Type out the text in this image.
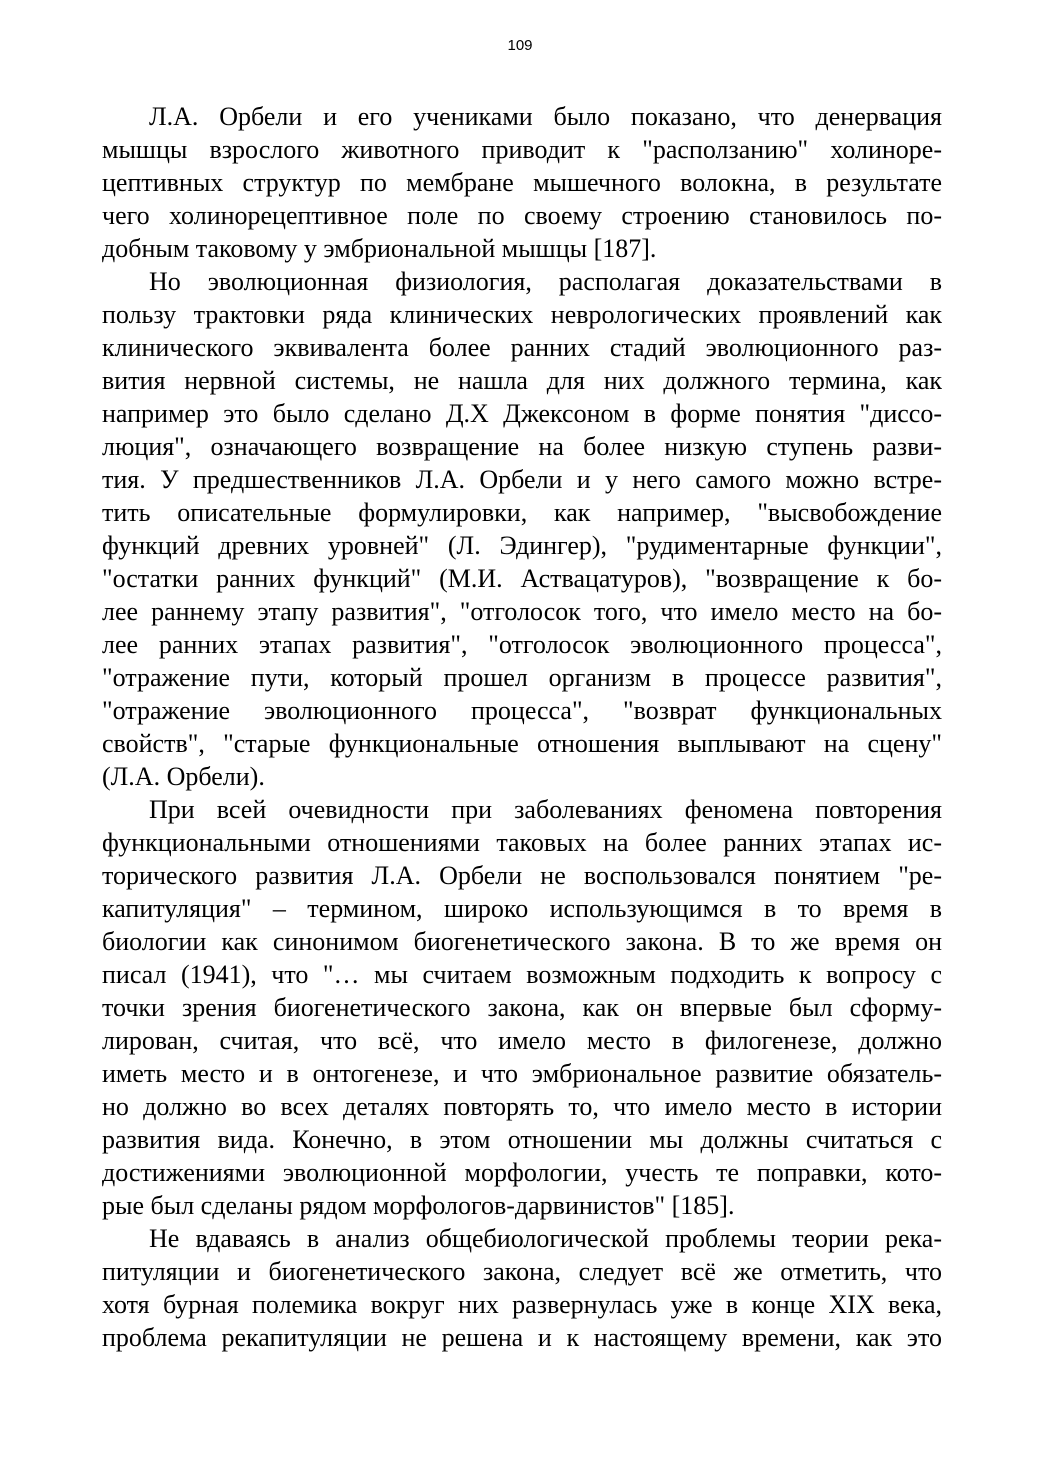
109

Л.А. Орбели и его учениками было показано, что денервация
мышцы взрослого животного приводит к "расползанию" холиноре-
цептивных структур по мембране мышечного волокна, в результате
чего холинорецептивное поле по своему строению становилось по-
добным таковому у эмбриональной мышцы [187].

Но эволюционная физиология, располагая доказательствами в
пользу трактовки ряда клинических неврологических проявлений как
клинического эквивалента более ранних стадий эволюционного раз-
вития нервной системы, не нашла для них должного термина, как
например это было сделано Д.Х Джексоном в форме понятия "диссо-
люция", означающего возвращение на более низкую ступень разви-
тия. У предшественников Л.А. Орбели и у него самого можно встре-
тить описательные формулировки, как например, "высвобождение
функций древних уровней" (Л. Эдингер), "рудиментарные функции",
"остатки ранних функций" (М.И. Аствацатуров), "возвращение к бо-
лее раннему этапу развития", "отголосок того, что имело место на бо-
лее ранних этапах развития", "отголосок эволюционного процесса",
"отражение пути, который прошел организм в процессе развития",
"отражение эволюционного процесса", "возврат функциональных
свойств", "старые функциональные отношения выплывают на сцену"
(Л.А. Орбели).

При всей очевидности при заболеваниях феномена повторения
функциональными отношениями таковых на более ранних этапах ис-
торического развития Л.А. Орбели не воспользовался понятием "ре-
капитуляция" – термином, широко использующимся в то время в
биологии как синонимом биогенетического закона. В то же время он
писал (1941), что "… мы считаем возможным подходить к вопросу с
точки зрения биогенетического закона, как он впервые был сформу-
лирован, считая, что всё, что имело место в филогенезе, должно
иметь место и в онтогенезе, и что эмбриональное развитие обязатель-
но должно во всех деталях повторять то, что имело место в истории
развития вида. Конечно, в этом отношении мы должны считаться с
достижениями эволюционной морфологии, учесть те поправки, кото-
рые был сделаны рядом морфологов-дарвинистов" [185].

Не вдаваясь в анализ общебиологической проблемы теории река-
питуляции и биогенетического закона, следует всё же отметить, что
хотя бурная полемика вокруг них развернулась уже в конце XIX века,
проблема рекапитуляции не решена и к настоящему времени, как это
